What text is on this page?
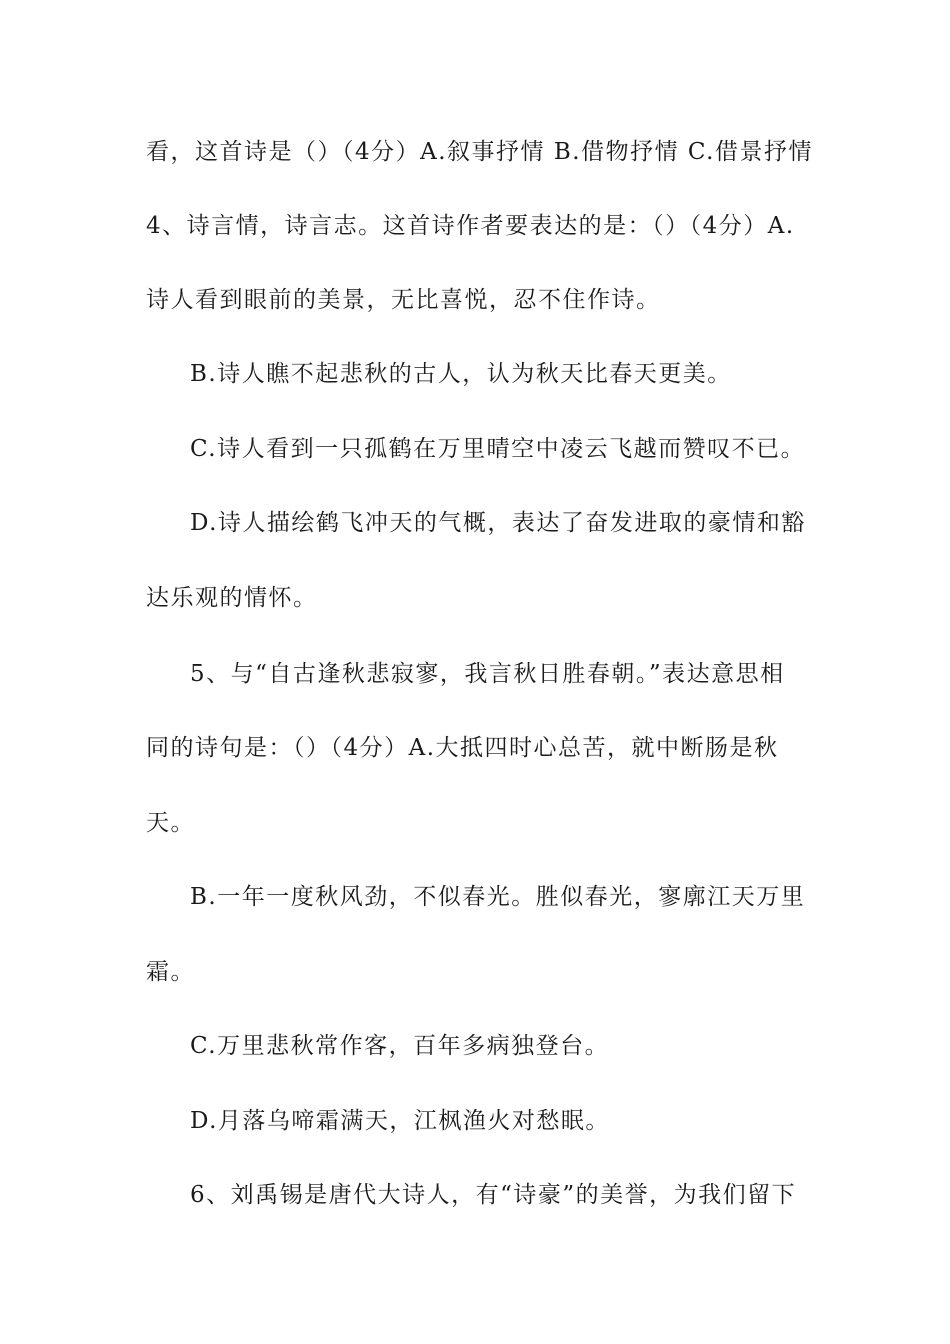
看，这首诗是（）（4分）A.叙事抒情 B.借物抒情 C.借景抒情
4、诗言情，诗言志。这首诗作者要表达的是：（）（4分）A.
诗人看到眼前的美景，无比喜悦，忍不住作诗。
B.诗人瞧不起悲秋的古人，认为秋天比春天更美。
C.诗人看到一只孤鹤在万里晴空中凌云飞越而赞叹不已。
D.诗人描绘鹤飞冲天的气概，表达了奋发进取的豪情和豁
达乐观的情怀。
5、与“自古逢秋悲寂寥，我言秋日胜春朝。”表达意思相
同的诗句是：（）（4分）A.大抵四时心总苦，就中断肠是秋
天。
B.一年一度秋风劲，不似春光。胜似春光，寥廓江天万里
霜。
C.万里悲秋常作客，百年多病独登台。
D.月落乌啼霜满天，江枫渔火对愁眠。
6、刘禹锡是唐代大诗人，有“诗豪”的美誉，为我们留下
